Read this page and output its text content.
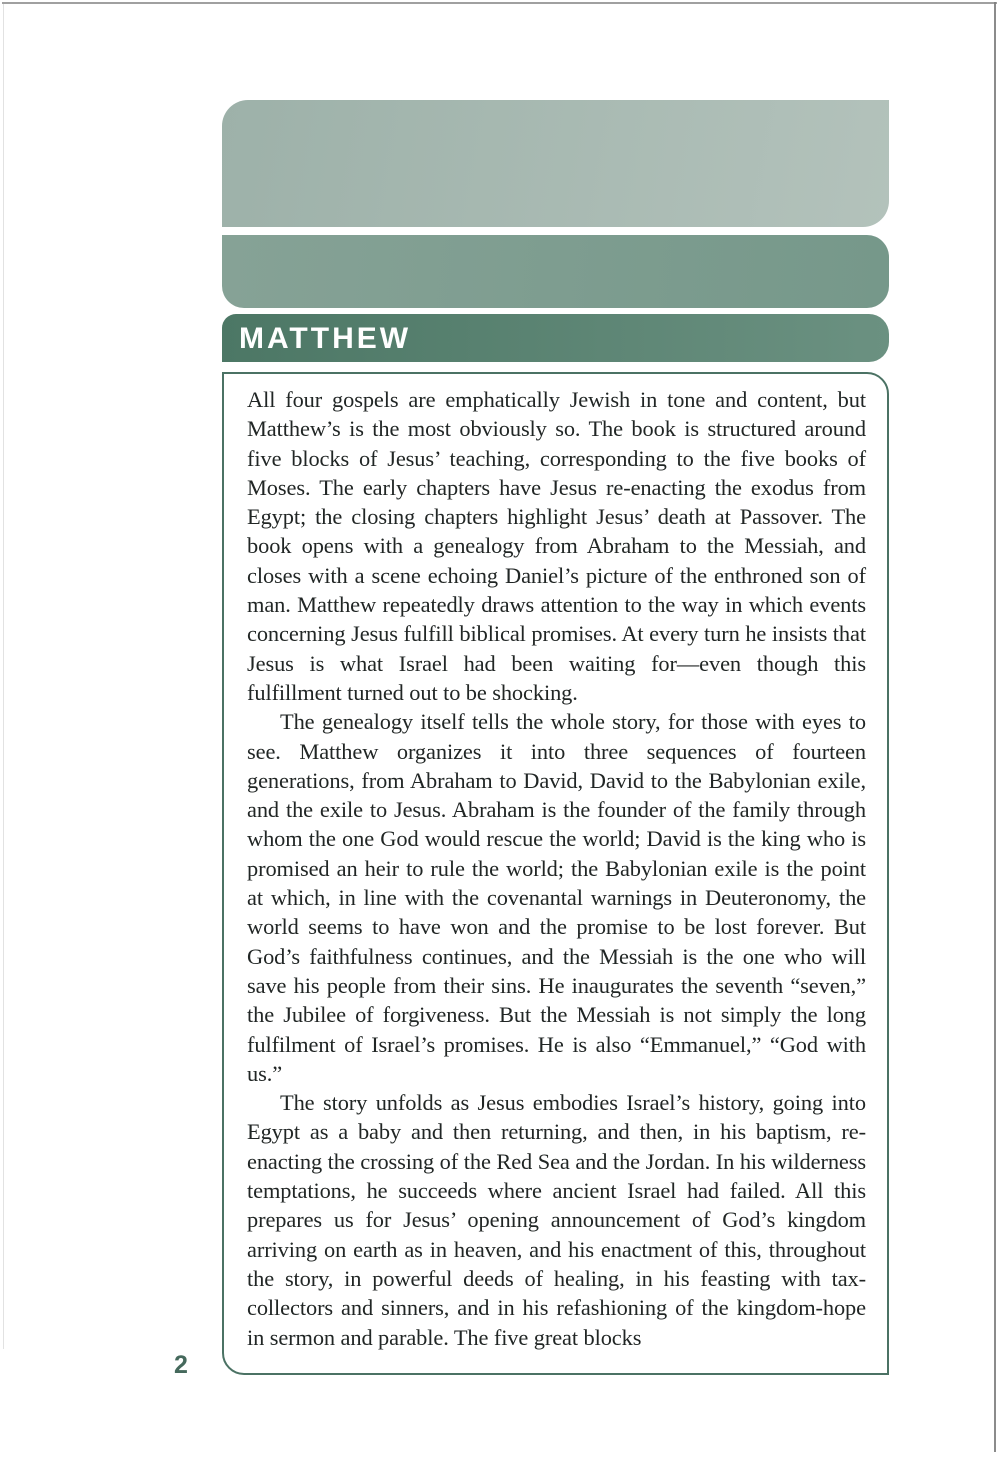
MATTHEW

All four gospels are emphatically Jewish in tone and content, but Matthew’s is the most obviously so. The book is structured around five blocks of Jesus’ teaching, corresponding to the five books of Moses. The early chapters have Jesus re-enacting the exodus from Egypt; the closing chapters highlight Jesus’ death at Passover. The book opens with a genealogy from Abraham to the Messiah, and closes with a scene echoing Daniel’s picture of the enthroned son of man. Matthew repeatedly draws attention to the way in which events concerning Jesus fulfill biblical promises. At every turn he insists that Jesus is what Israel had been waiting for—even though this fulfillment turned out to be shocking.

The genealogy itself tells the whole story, for those with eyes to see. Matthew organizes it into three sequences of fourteen generations, from Abraham to David, David to the Babylonian exile, and the exile to Jesus. Abraham is the founder of the family through whom the one God would rescue the world; David is the king who is promised an heir to rule the world; the Babylonian exile is the point at which, in line with the covenantal warnings in Deuteronomy, the world seems to have won and the promise to be lost forever. But God’s faithfulness continues, and the Messiah is the one who will save his people from their sins. He inaugurates the seventh “seven,” the Jubilee of forgiveness. But the Messiah is not simply the long fulfilment of Israel’s promises. He is also “Emmanuel,” “God with us.”

The story unfolds as Jesus embodies Israel’s history, going into Egypt as a baby and then returning, and then, in his baptism, re-enacting the crossing of the Red Sea and the Jordan. In his wilderness temptations, he succeeds where ancient Israel had failed. All this prepares us for Jesus’ opening announcement of God’s kingdom arriving on earth as in heaven, and his enactment of this, throughout the story, in powerful deeds of healing, in his feasting with tax-collectors and sinners, and in his refashioning of the kingdom-hope in sermon and parable. The five great blocks

2
